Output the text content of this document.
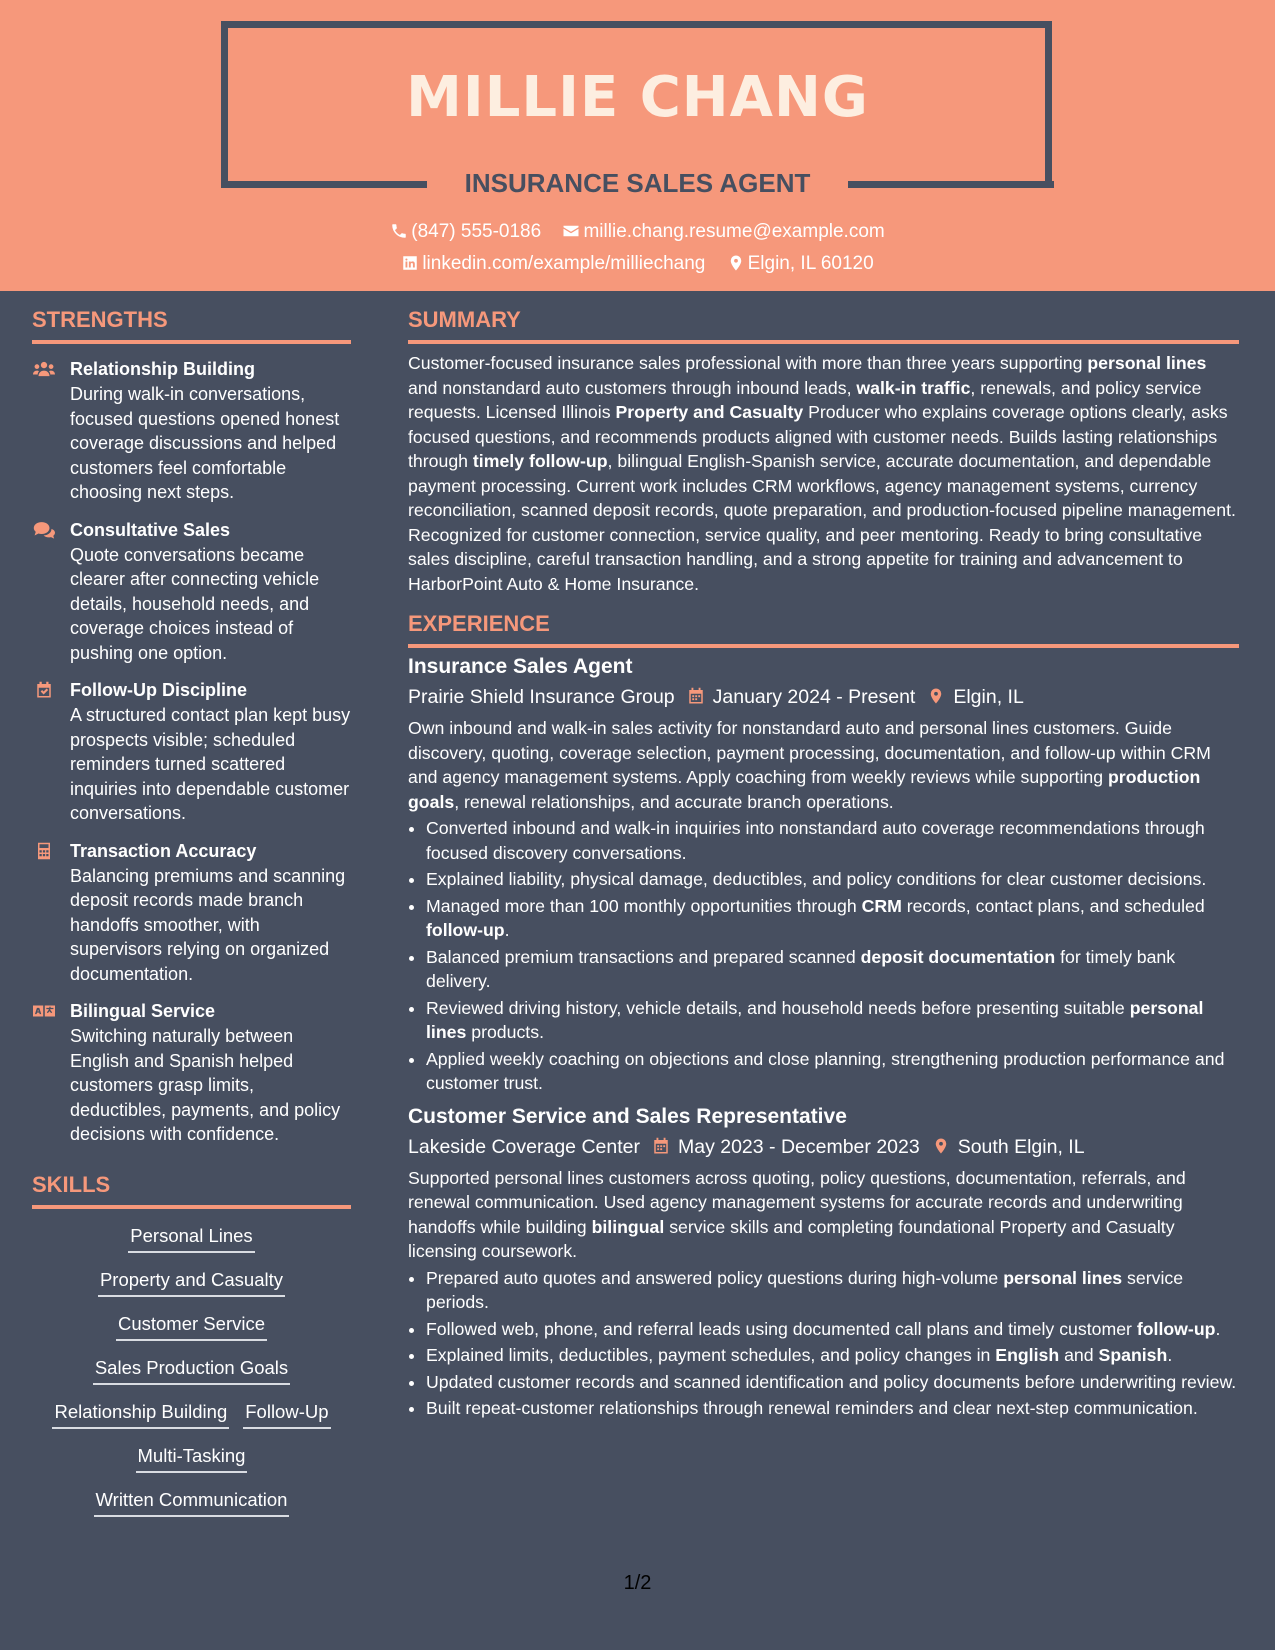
MILLIE CHANG
INSURANCE SALES AGENT
(847) 555-0186 millie.chang.resume@example.com
linkedin.com/example/milliechang Elgin, IL 60120
STRENGTHS
Relationship Building
During walk-in conversations, focused questions opened honest coverage discussions and helped customers feel comfortable choosing next steps.
Consultative Sales
Quote conversations became clearer after connecting vehicle details, household needs, and coverage choices instead of pushing one option.
Follow-Up Discipline
A structured contact plan kept busy prospects visible; scheduled reminders turned scattered inquiries into dependable customer conversations.
Transaction Accuracy
Balancing premiums and scanning deposit records made branch handoffs smoother, with supervisors relying on organized documentation.
Bilingual Service
Switching naturally between English and Spanish helped customers grasp limits, deductibles, payments, and policy decisions with confidence.
SKILLS
Personal Lines
Property and Casualty
Customer Service
Sales Production Goals
Relationship Building Follow-Up
Multi-Tasking
Written Communication
SUMMARY
Customer-focused insurance sales professional with more than three years supporting personal lines and nonstandard auto customers through inbound leads, walk-in traffic, renewals, and policy service requests. Licensed Illinois Property and Casualty Producer who explains coverage options clearly, asks focused questions, and recommends products aligned with customer needs. Builds lasting relationships through timely follow-up, bilingual English-Spanish service, accurate documentation, and dependable payment processing. Current work includes CRM workflows, agency management systems, currency reconciliation, scanned deposit records, quote preparation, and production-focused pipeline management. Recognized for customer connection, service quality, and peer mentoring. Ready to bring consultative sales discipline, careful transaction handling, and a strong appetite for training and advancement to HarborPoint Auto & Home Insurance.
EXPERIENCE
Insurance Sales Agent
Prairie Shield Insurance Group January 2024 - Present Elgin, IL
Own inbound and walk-in sales activity for nonstandard auto and personal lines customers. Guide discovery, quoting, coverage selection, payment processing, documentation, and follow-up within CRM and agency management systems. Apply coaching from weekly reviews while supporting production goals, renewal relationships, and accurate branch operations.
• Converted inbound and walk-in inquiries into nonstandard auto coverage recommendations through focused discovery conversations.
• Explained liability, physical damage, deductibles, and policy conditions for clear customer decisions.
• Managed more than 100 monthly opportunities through CRM records, contact plans, and scheduled follow-up.
• Balanced premium transactions and prepared scanned deposit documentation for timely bank delivery.
• Reviewed driving history, vehicle details, and household needs before presenting suitable personal lines products.
• Applied weekly coaching on objections and close planning, strengthening production performance and customer trust.
Customer Service and Sales Representative
Lakeside Coverage Center May 2023 - December 2023 South Elgin, IL
Supported personal lines customers across quoting, policy questions, documentation, referrals, and renewal communication. Used agency management systems for accurate records and underwriting handoffs while building bilingual service skills and completing foundational Property and Casualty licensing coursework.
• Prepared auto quotes and answered policy questions during high-volume personal lines service periods.
• Followed web, phone, and referral leads using documented call plans and timely customer follow-up.
• Explained limits, deductibles, payment schedules, and policy changes in English and Spanish.
• Updated customer records and scanned identification and policy documents before underwriting review.
• Built repeat-customer relationships through renewal reminders and clear next-step communication.
1/2
